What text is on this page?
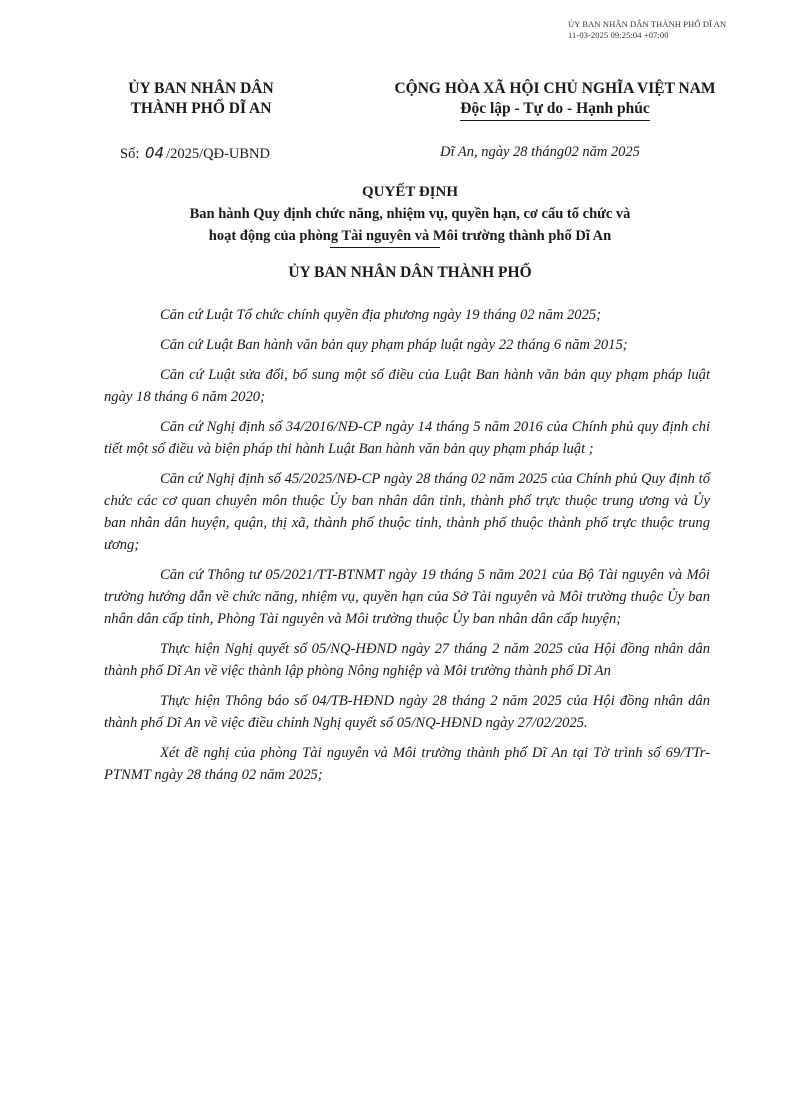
ỦY BAN NHÂN DÂN THÀNH PHỐ DĨ AN
11-03-2025 09:25:04 +07:00
ỦY BAN NHÂN DÂN
THÀNH PHỐ DĨ AN
CỘNG HÒA XÃ HỘI CHỦ NGHĨA VIỆT NAM
Độc lập - Tự do - Hạnh phúc
Số: 04 /2025/QĐ-UBND	Dĩ An, ngày 28 tháng02 năm 2025
QUYẾT ĐỊNH
Ban hành Quy định chức năng, nhiệm vụ, quyền hạn, cơ cấu tổ chức và
hoạt động của phòng Tài nguyên và Môi trường thành phố Dĩ An
ỦY BAN NHÂN DÂN THÀNH PHỐ

Căn cứ Luật Tổ chức chính quyền địa phương ngày 19 tháng 02 năm 2025;

Căn cứ Luật Ban hành văn bản quy phạm pháp luật ngày 22 tháng 6 năm 2015;

Căn cứ Luật sửa đổi, bổ sung một số điều của Luật Ban hành văn bản quy phạm pháp luật ngày 18 tháng 6 năm 2020;

Căn cứ Nghị định số 34/2016/NĐ-CP ngày 14 tháng 5 năm 2016 của Chính phủ quy định chi tiết một số điều và biện pháp thi hành Luật Ban hành văn bản quy phạm pháp luật ;

Căn cứ Nghị định số 45/2025/NĐ-CP ngày 28 tháng 02 năm 2025 của Chính phủ Quy định tổ chức các cơ quan chuyên môn thuộc Ủy ban nhân dân tỉnh, thành phố trực thuộc trung ương và Ủy ban nhân dân huyện, quận, thị xã, thành phố thuộc tỉnh, thành phố thuộc thành phố trực thuộc trung ương;

Căn cứ Thông tư 05/2021/TT-BTNMT ngày 19 tháng 5 năm 2021 của Bộ Tài nguyên và Môi trường hướng dẫn về chức năng, nhiệm vụ, quyền hạn của Sở Tài nguyên và Môi trường thuộc Ủy ban nhân dân cấp tỉnh, Phòng Tài nguyên và Môi trường thuộc Ủy ban nhân dân cấp huyện;

Thực hiện Nghị quyết số 05/NQ-HĐND ngày 27 tháng 2 năm 2025 của Hội đồng nhân dân thành phố Dĩ An về việc thành lập phòng Nông nghiệp và Môi trường thành phố Dĩ An

Thực hiện Thông báo số 04/TB-HĐND ngày 28 tháng 2 năm 2025 của Hội đồng nhân dân thành phố Dĩ An về việc điều chỉnh Nghị quyết số 05/NQ-HĐND ngày 27/02/2025.

Xét đề nghị của phòng Tài nguyên và Môi trường thành phố Dĩ An tại Tờ trình số 69/TTr-PTNMT ngày 28 tháng 02 năm 2025;
